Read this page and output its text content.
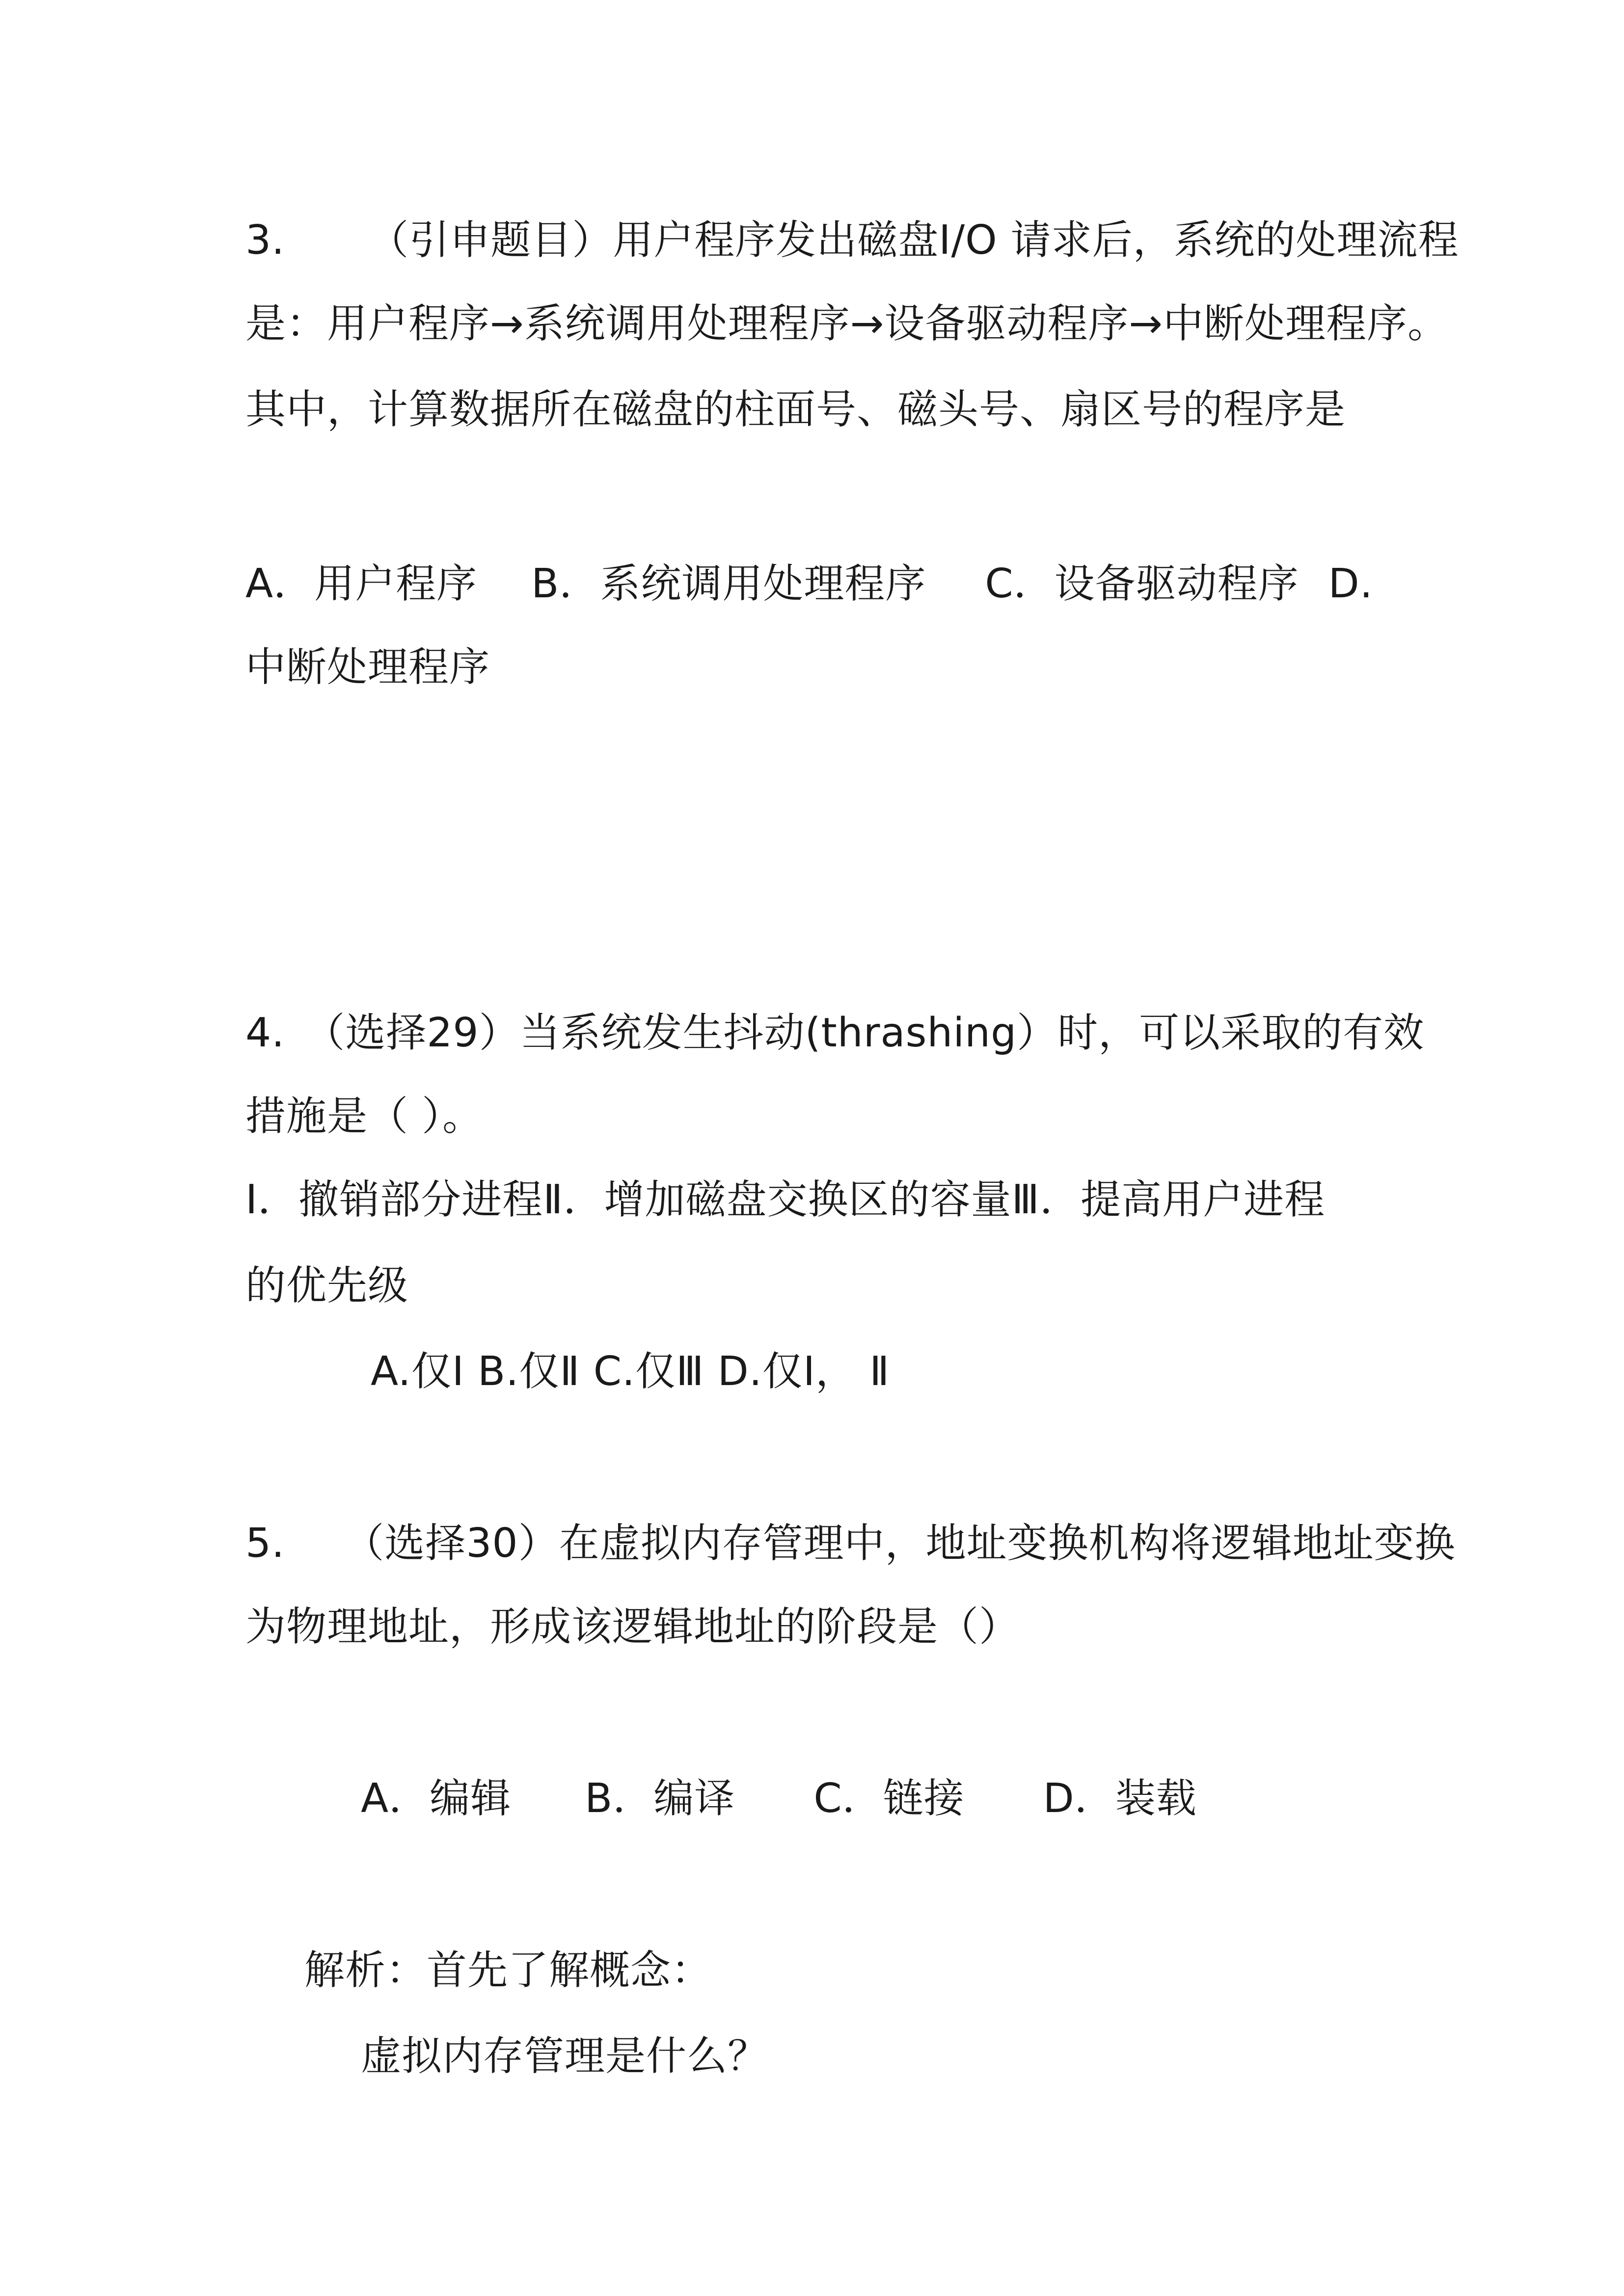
3. （引申题目）用户程序发出磁盘I/O 请求后，系统的处理流程
是：用户程序→系统调用处理程序→设备驱动程序→中断处理程序。
其中，计算数据所在磁盘的柱面号、磁头号、扇区号的程序是
A．用户程序 B．系统调用处理程序 C．设备驱动程序 D.
中断处理程序
4. （选择29）当系统发生抖动(thrashing）时，可以采取的有效
措施是（ ）。
Ⅰ．撤销部分进程Ⅱ．增加磁盘交换区的容量Ⅲ．提高用户进程
的优先级
A.仅Ⅰ B.仅Ⅱ C.仅Ⅲ D.仅Ⅰ， Ⅱ
5. （选择30）在虚拟内存管理中，地址变换机构将逻辑地址变换
为物理地址，形成该逻辑地址的阶段是（）
A．编辑 B．编译 C．链接 D．装载
解析：首先了解概念：
虚拟内存管理是什么？
